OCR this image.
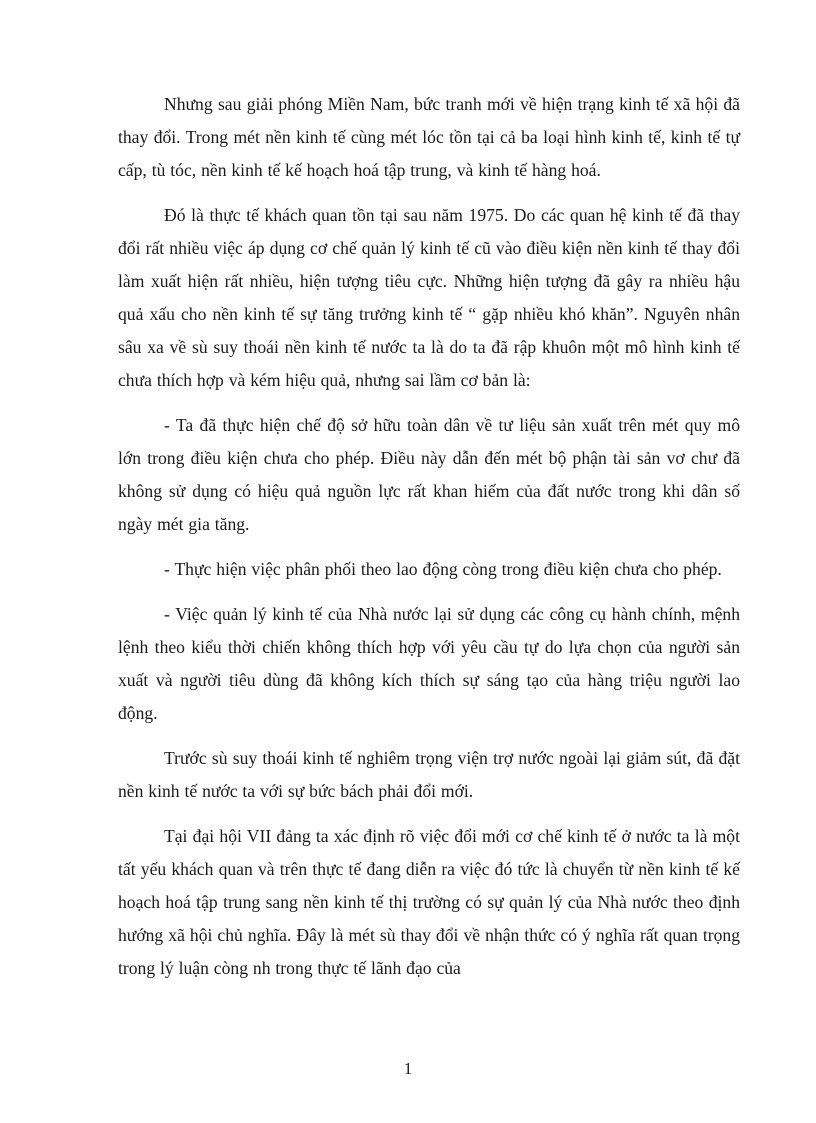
Nhưng sau giải phóng Miền Nam, bức tranh mới về hiện trạng kinh tế xã hội đã thay đổi. Trong mét nền kinh tế cùng mét lóc tồn tại cả ba loại hình kinh tế, kinh tế tự cấp, tù tóc, nền kinh tế kế hoạch hoá tập trung, và kinh tế hàng hoá.

Đó là thực tế khách quan tồn tại sau năm 1975. Do các quan hệ kinh tế đã thay đổi rất nhiều việc áp dụng cơ chế quản lý kinh tế cũ vào điều kiện nền kinh tế thay đổi làm xuất hiện rất nhiều, hiện tượng tiêu cực. Những hiện tượng đã gây ra nhiều hậu quả xấu cho nền kinh tế sự tăng trưởng kinh tế “ gặp nhiều khó khăn”. Nguyên nhân sâu xa về sù suy thoái nền kinh tế nước ta là do ta đã rập khuôn một mô hình kinh tế chưa thích hợp và kém hiệu quả, nhưng sai lầm cơ bản là:

- Ta đã thực hiện chế độ sở hữu toàn dân về tư liệu sản xuất trên mét quy mô lớn trong điều kiện chưa cho phép. Điều này dẫn đến mét bộ phận tài sản vơ chư đã không sử dụng có hiệu quả nguồn lực rất khan hiếm của đất nước trong khi dân số ngày mét gia tăng.

- Thực hiện việc phân phối theo lao động còng trong điều kiện chưa cho phép.

- Việc quản lý kinh tế của Nhà nước lại sử dụng các công cụ hành chính, mệnh lệnh theo kiểu thời chiến không thích hợp với yêu cầu tự do lựa chọn của người sản xuất và người tiêu dùng đã không kích thích sự sáng tạo của hàng triệu người lao động.

Trước sù suy thoái kinh tế nghiêm trọng viện trợ nước ngoài lại giảm sút, đã đặt nền kinh tế nước ta với sự bức bách phải đổi mới.

Tại đại hội VII đảng ta xác định rõ việc đổi mới cơ chế kinh tế ở nước ta là một tất yếu khách quan và trên thực tế đang diễn ra việc đó tức là chuyển từ nền kinh tế kế hoạch hoá tập trung sang nền kinh tế thị trường có sự quản lý của Nhà nước theo định hướng xã hội chủ nghĩa. Đây là mét sù thay đổi về nhận thức có ý nghĩa rất quan trọng trong lý luận còng nh trong thực tế lãnh đạo của

1
